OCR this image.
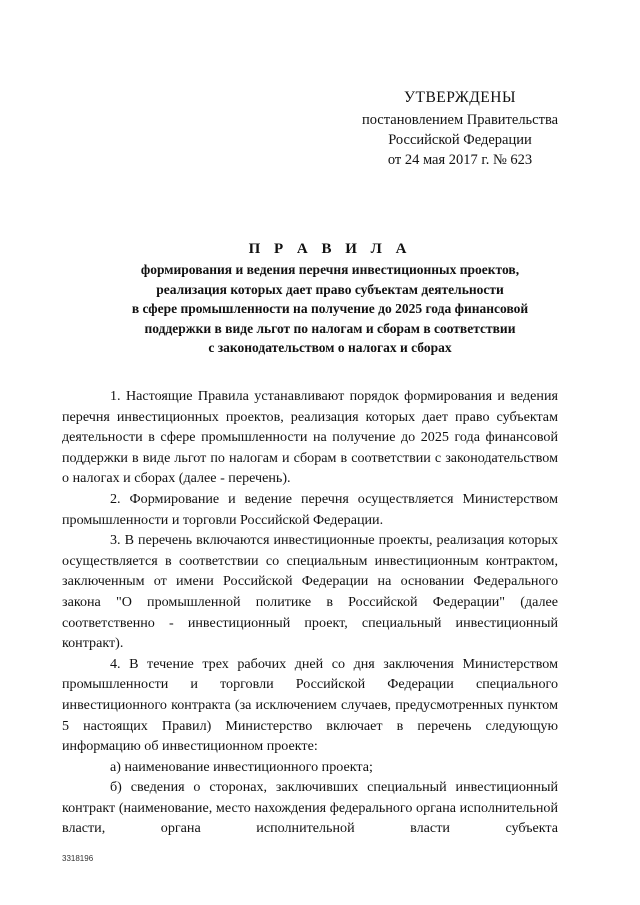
УТВЕРЖДЕНЫ
постановлением Правительства
Российской Федерации
от 24 мая 2017 г. № 623
П Р А В И Л А
формирования и ведения перечня инвестиционных проектов,
реализация которых дает право субъектам деятельности
в сфере промышленности на получение до 2025 года финансовой
поддержки в виде льгот по налогам и сборам в соответствии
с законодательством о налогах и сборах

1. Настоящие Правила устанавливают порядок формирования и ведения перечня инвестиционных проектов, реализация которых дает право субъектам деятельности в сфере промышленности на получение до 2025 года финансовой поддержки в виде льгот по налогам и сборам в соответствии с законодательством о налогах и сборах (далее - перечень).

2. Формирование и ведение перечня осуществляется Министерством промышленности и торговли Российской Федерации.

3. В перечень включаются инвестиционные проекты, реализация которых осуществляется в соответствии со специальным инвестиционным контрактом, заключенным от имени Российской Федерации на основании Федерального закона "О промышленной политике в Российской Федерации" (далее соответственно - инвестиционный проект, специальный инвестиционный контракт).

4. В течение трех рабочих дней со дня заключения Министерством промышленности и торговли Российской Федерации специального инвестиционного контракта (за исключением случаев, предусмотренных пунктом 5 настоящих Правил) Министерство включает в перечень следующую информацию об инвестиционном проекте:

а) наименование инвестиционного проекта;

б) сведения о сторонах, заключивших специальный инвестиционный контракт (наименование, место нахождения федерального органа исполнительной власти, органа исполнительной власти субъекта

3318196
